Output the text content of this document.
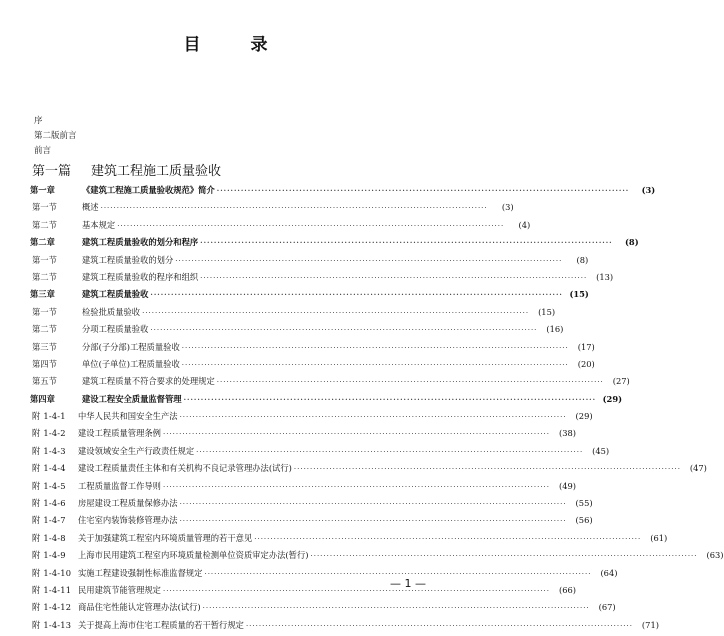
目 录
序
第二版前言
前言
第一篇 建筑工程施工质量验收
第一章	《建筑工程施工质量验收规范》简介 ························································································································	(3)
第一节	概述 ························································································································	(3)
第二节	基本规定 ························································································································	(4)
第二章	建筑工程质量验收的划分和程序 ························································································································	(8)
第一节	建筑工程质量验收的划分 ························································································································	(8)
第二节	建筑工程质量验收的程序和组织 ························································································································	(13)
第三章	建筑工程质量验收 ························································································································ (15)
第一节	检验批质量验收 ························································································································	(15)
第二节	分项工程质量验收 ························································································································	(16)
第三节	分部(子分部)工程质量验收 ························································································································	(17)
第四节	单位(子单位)工程质量验收 ························································································································	(20)
第五节	建筑工程质量不符合要求的处理规定 ························································································································	(27)
第四章	建设工程安全质量监督管理 ························································································································ (29)
附 1-4-1	中华人民共和国安全生产法 ························································································································	(29)
附 1-4-2	建设工程质量管理条例 ························································································································	(38)
附 1-4-3	建设领域安全生产行政责任规定 ························································································································	(45)
附 1-4-4	建设工程质量责任主体和有关机构不良记录管理办法(试行) ························································································································	(47)
附 1-4-5	工程质量监督工作导则 ························································································································	(49)
附 1-4-6	房屋建设工程质量保修办法 ························································································································	(55)
附 1-4-7	住宅室内装饰装修管理办法 ························································································································	(56)
附 1-4-8	关于加强建筑工程室内环境质量管理的若干意见 ························································································································	(61)
附 1-4-9	上海市民用建筑工程室内环境质量检测单位资质审定办法(暂行) ························································································································	(63)
附 1-4-10 实施工程建设强制性标准监督规定 ························································································································	(64)
附 1-4-11 民用建筑节能管理规定 ························································································································	(66)
附 1-4-12 商品住宅性能认定管理办法(试行) ························································································································	(67)
附 1-4-13 关于提高上海市住宅工程质量的若干暂行规定 ························································································································	(71)
— 1 —
